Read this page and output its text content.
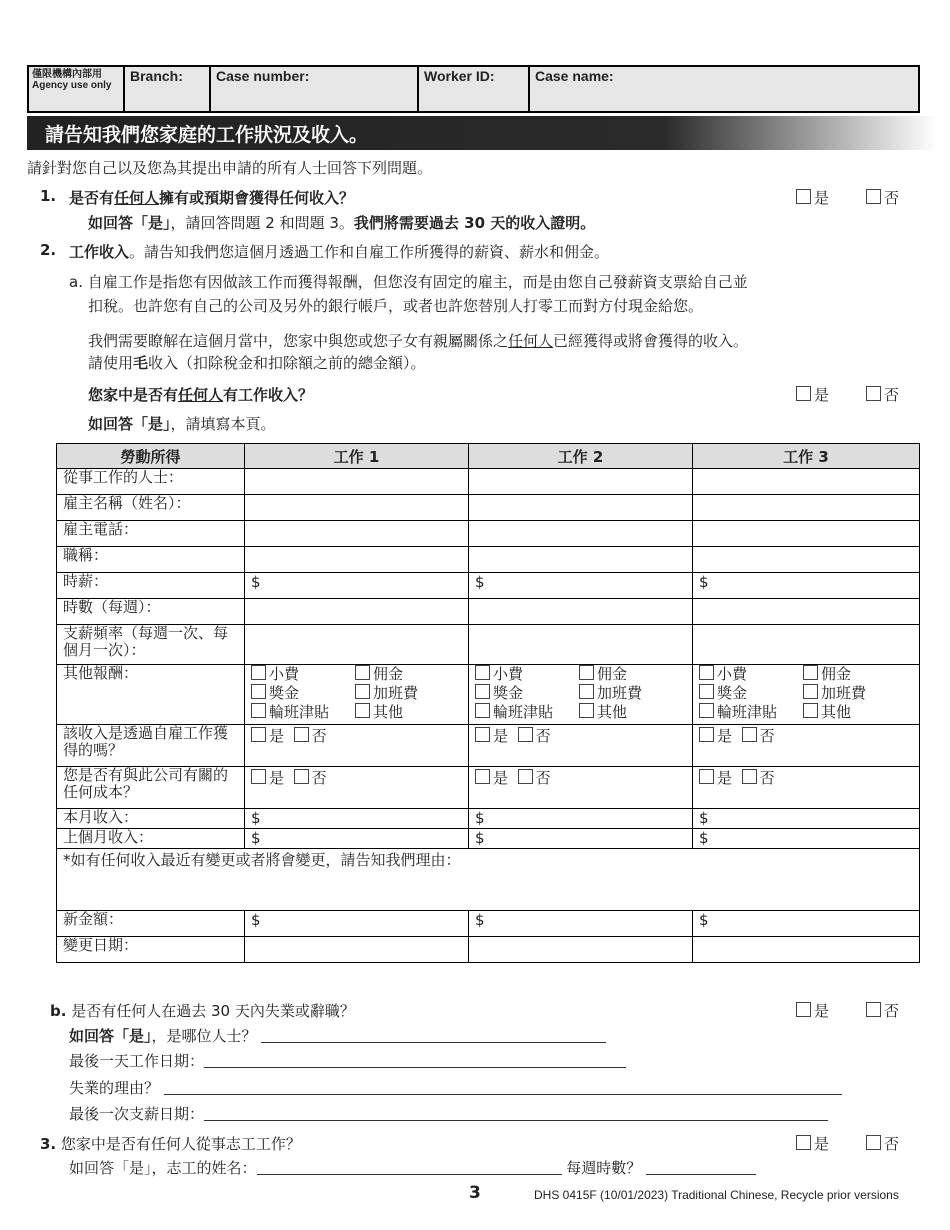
僅限機構內部用
Agency use only
	Branch:	Case number:	Worker ID:	Case name:
請告知我們您家庭的工作狀況及收入。
請針對您自己以及您為其提出申請的所有人士回答下列問題。
1. 是否有任何人擁有或預期會獲得任何收入？	是	否
如回答「是」，請回答問題 2 和問題 3。我們將需要過去 30 天的收入證明。
2. 工作收入。請告知我們您這個月透過工作和自雇工作所獲得的薪資、薪水和佣金。
a. 自雇工作是指您有因做該工作而獲得報酬，但您沒有固定的雇主，而是由您自己發薪資支票給自己並
扣稅。也許您有自己的公司及另外的銀行帳戶，或者也許您替別人打零工而對方付現金給您。
我們需要瞭解在這個月當中，您家中與您或您子女有親屬關係之任何人已經獲得或將會獲得的收入。
請使用毛收入（扣除稅金和扣除額之前的總金額）。
您家中是否有任何人有工作收入？	是	否
如回答「是」，請填寫本頁。
勞動所得	工作 1	工作 2	工作 3
從事工作的人士：			
雇主名稱（姓名）：			
雇主電話：			
職稱：			
時薪：	$	$	$
時數（每週）：			
支薪頻率（每週一次、每個月一次）：			
其他報酬：	小費 佣金獎金 加班費輪班津貼 其他	小費 佣金獎金 加班費輪班津貼 其他	小費 佣金獎金 加班費輪班津貼 其他
該收入是透過自雇工作獲得的嗎？	是 否	是 否	是 否
您是否有與此公司有關的任何成本？	是 否	是 否	是 否
本月收入：	$	$	$
上個月收入：	$	$	$
*如有任何收入最近有變更或者將會變更，請告知我們理由：			
新金額：	$	$	$
變更日期：			
b. 是否有任何人在過去 30 天內失業或辭職？	是	否
如回答「是」，是哪位人士？
最後一天工作日期：
失業的理由？
最後一次支薪日期：
3. 您家中是否有任何人從事志工工作？	是	否
如回答「是」，志工的姓名：	每週時數？
3	DHS 0415F (10/01/2023) Traditional Chinese, Recycle prior versions
